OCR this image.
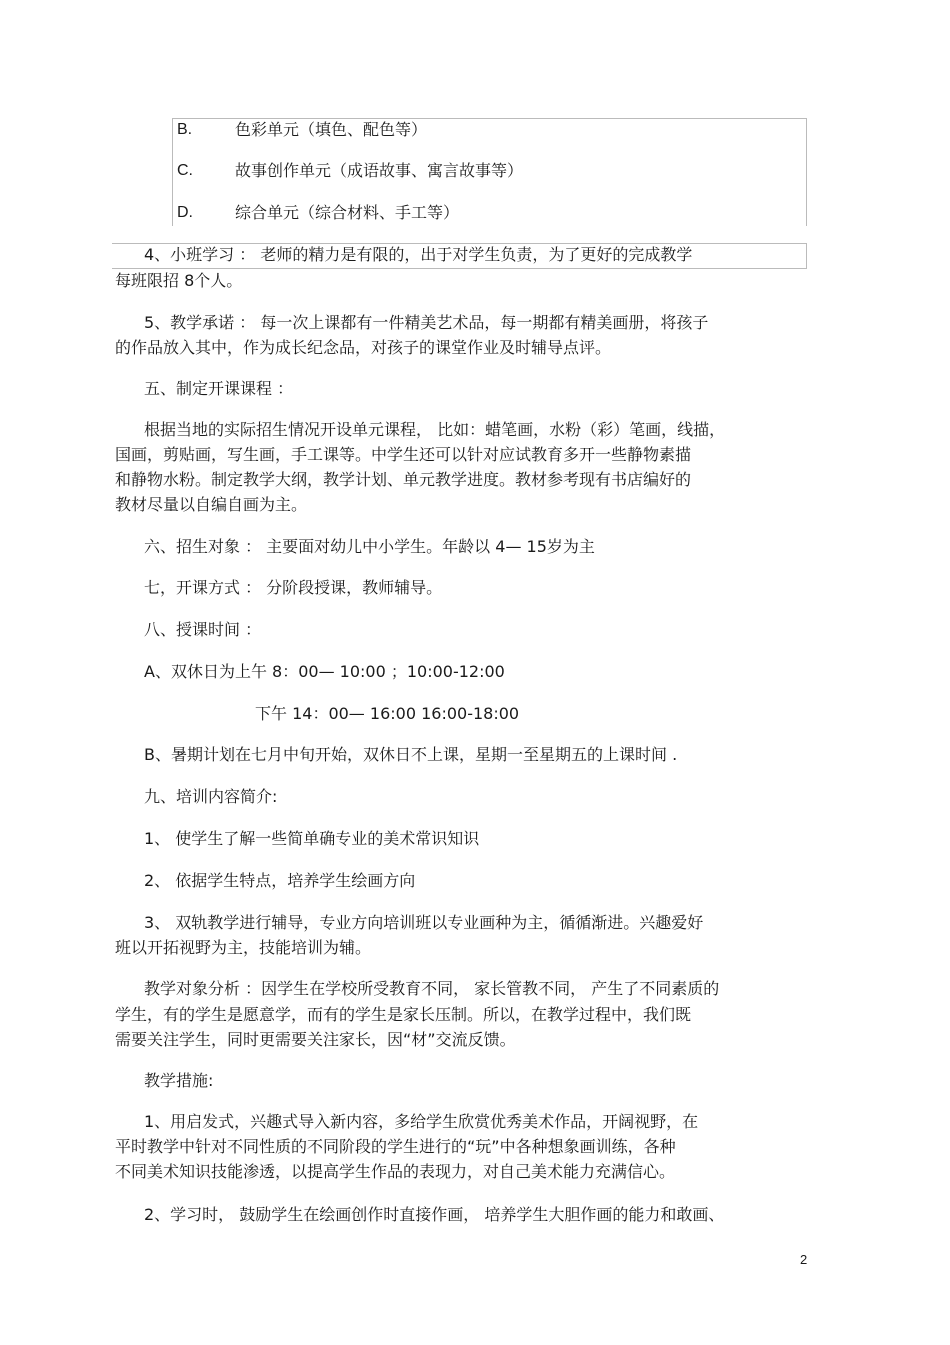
B.	色彩单元（填色、配色等）
C.	故事创作单元（成语故事、寓言故事等）
D.	综合单元（综合材料、手工等）
4、小班学习 ： 老师的精力是有限的，出于对学生负责，为了更好的完成教学
每班限招 8个人。
5、教学承诺 ： 每一次上课都有一件精美艺术品，每一期都有精美画册，将孩子
的作品放入其中，作为成长纪念品，对孩子的课堂作业及时辅导点评。
五、制定开课课程 ：
根据当地的实际招生情况开设单元课程， 比如：蜡笔画，水粉（彩）笔画，线描，
国画，剪贴画，写生画，手工课等。中学生还可以针对应试教育多开一些静物素描
和静物水粉。制定教学大纲，教学计划、单元教学进度。教材参考现有书店编好的
教材尽量以自编自画为主。
六、招生对象 ： 主要面对幼儿中小学生。年龄以 4— 15岁为主
七，开课方式 ： 分阶段授课，教师辅导。
八、授课时间 ：
A、双休日为上午 8：00— 10:00 ；10:00-12:00
下午 14：00— 16:00 16:00-18:00
B、暑期计划在七月中旬开始，双休日不上课，星期一至星期五的上课时间 .
九、培训内容简介:
1、 使学生了解一些简单确专业的美术常识知识
2、 依据学生特点，培养学生绘画方向
3、 双轨教学进行辅导，专业方向培训班以专业画种为主，循循渐进。兴趣爱好
班以开拓视野为主，技能培训为辅。
教学对象分析 ：因学生在学校所受教育不同， 家长管教不同， 产生了不同素质的
学生，有的学生是愿意学，而有的学生是家长压制。所以，在教学过程中，我们既
需要关注学生，同时更需要关注家长，因“材”交流反馈。
教学措施:
1、用启发式，兴趣式导入新内容，多给学生欣赏优秀美术作品，开阔视野，在
平时教学中针对不同性质的不同阶段的学生进行的“玩”中各种想象画训练，各种
不同美术知识技能渗透，以提高学生作品的表现力，对自己美术能力充满信心。
2、学习时， 鼓励学生在绘画创作时直接作画， 培养学生大胆作画的能力和敢画、
2
